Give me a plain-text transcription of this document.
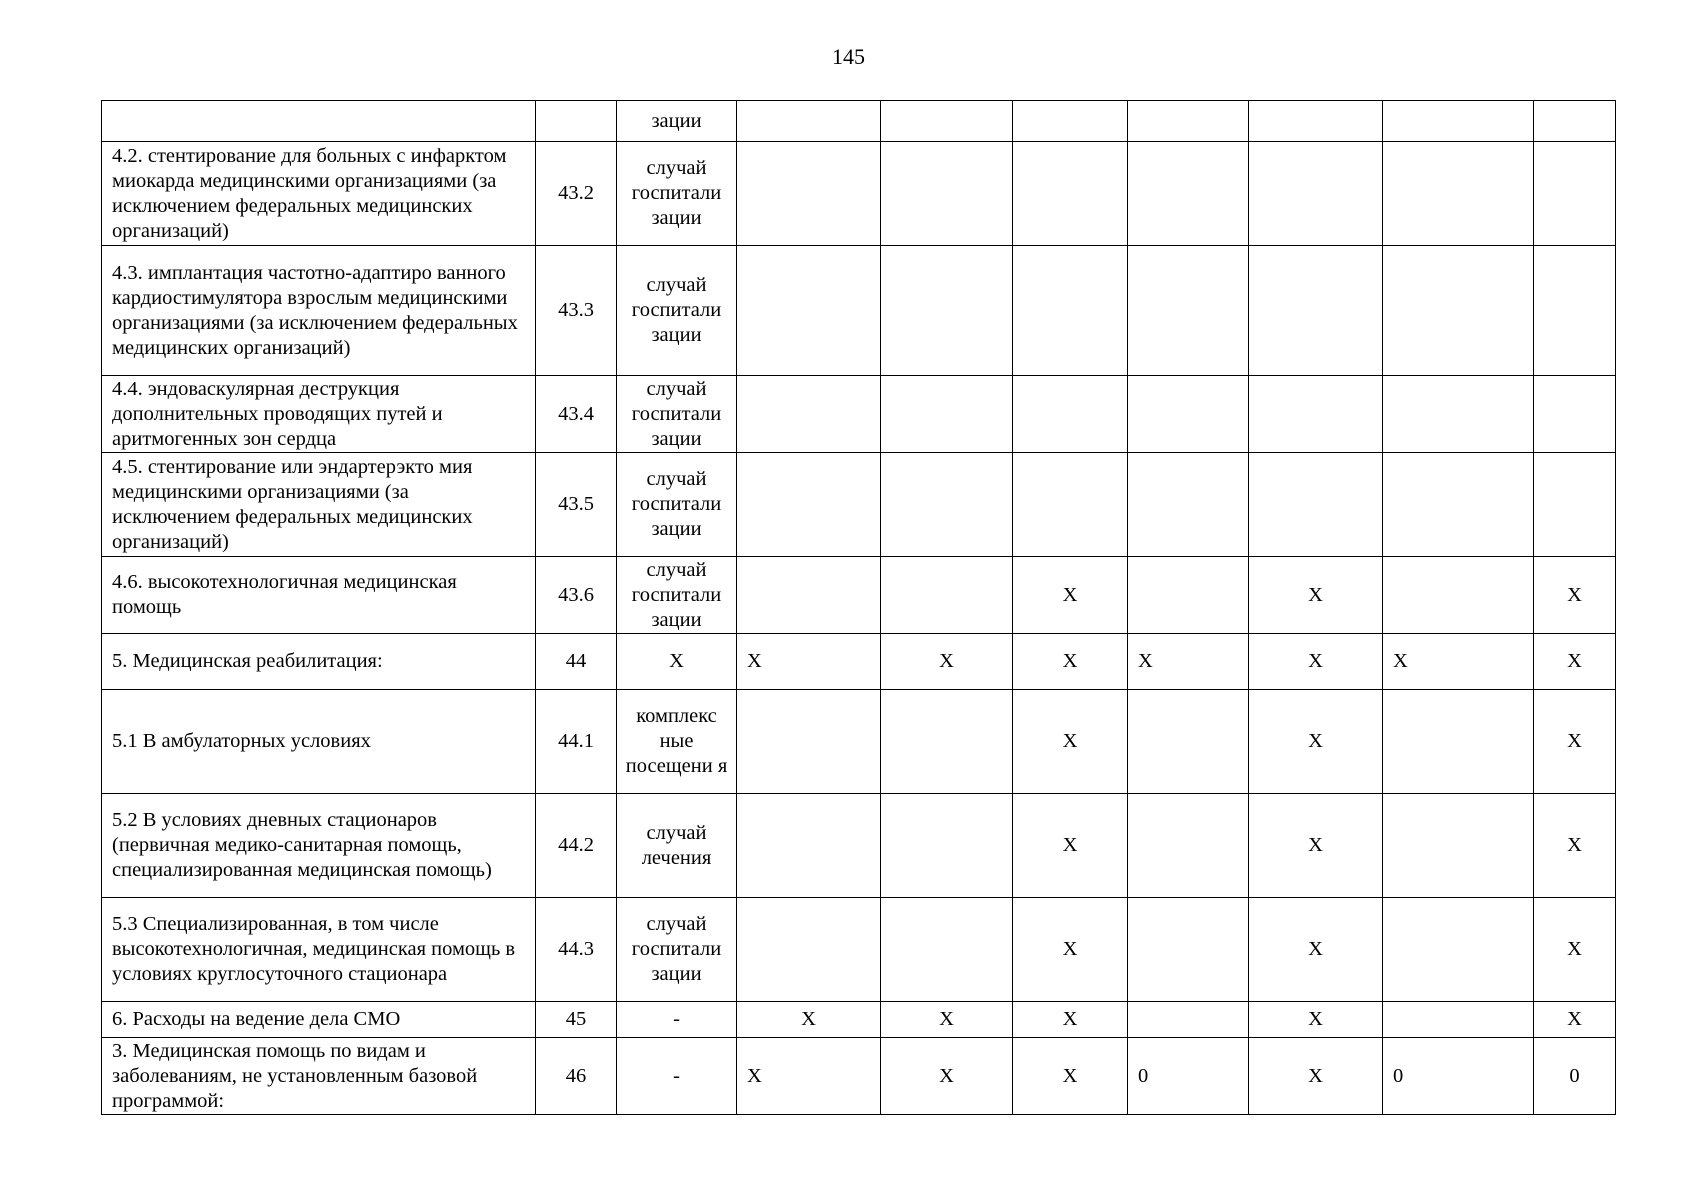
145
		зации							
4.2. стентирование для больных с инфарктом миокарда медицинскими организациями (за исключением федеральных медицинских организаций)	43.2	случай госпитали зации							
4.3. имплантация частотно-адаптиро ванного кардиостимулятора взрослым медицинскими организациями (за исключением федеральных медицинских организаций)	43.3	случай госпитали зации							
4.4. эндоваскулярная деструкция дополнительных проводящих путей и аритмогенных зон сердца	43.4	случай госпитали зации							
4.5. стентирование или эндартерэкто мия медицинскими организациями (за исключением федеральных медицинских организаций)	43.5	случай госпитали зации							
4.6. высокотехнологичная медицинская помощь	43.6	случай госпитали зации			Х		Х		Х
5. Медицинская реабилитация:	44	Х	Х	Х	Х	Х	Х	Х	Х
5.1 В амбулаторных условиях	44.1	комплекс ные посещени я			Х		Х		Х
5.2 В условиях дневных стационаров (первичная медико-санитарная помощь, специализированная медицинская помощь)	44.2	случай лечения			Х		Х		Х
5.3 Специализированная, в том числе высокотехнологичная, медицинская помощь в условиях круглосуточного стационара	44.3	случай госпитали зации			Х		Х		Х
6. Расходы на ведение дела СМО	45	-	Х	Х	Х		Х		Х
3. Медицинская помощь по видам и заболеваниям, не установленным базовой программой:	46	-	Х	Х	Х	0	Х	0	0
